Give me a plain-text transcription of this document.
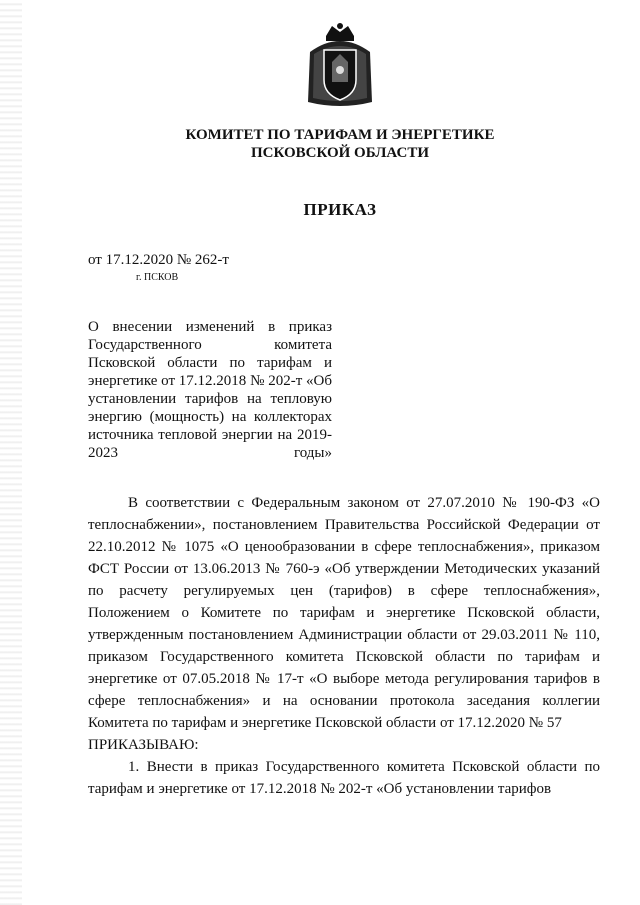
КОМИТЕТ ПО ТАРИФАМ И ЭНЕРГЕТИКЕ
ПСКОВСКОЙ ОБЛАСТИ
ПРИКАЗ
от 17.12.2020 № 262-т
г. ПСКОВ
О внесении изменений в приказ Государственного комитета Псковской области по тарифам и энергетике от 17.12.2018 № 202-т «Об установлении тарифов на тепловую энергию (мощность) на коллекторах источника тепловой энергии на 2019-2023 годы»

В соответствии с Федеральным законом от 27.07.2010 № 190-ФЗ «О теплоснабжении», постановлением Правительства Российской Федерации от 22.10.2012 № 1075 «О ценообразовании в сфере теплоснабжения», приказом ФСТ России от 13.06.2013 № 760-э «Об утверждении Методических указаний по расчету регулируемых цен (тарифов) в сфере теплоснабжения», Положением о Комитете по тарифам и энергетике Псковской области, утвержденным постановлением Администрации области от 29.03.2011 № 110, приказом Государственного комитета Псковской области по тарифам и энергетике от 07.05.2018 № 17-т «О выборе метода регулирования тарифов в сфере теплоснабжения» и на основании протокола заседания коллегии Комитета по тарифам и энергетике Псковской области от 17.12.2020 № 57

ПРИКАЗЫВАЮ:

1. Внести в приказ Государственного комитета Псковской области по тарифам и энергетике от 17.12.2018 № 202-т «Об установлении тарифов
